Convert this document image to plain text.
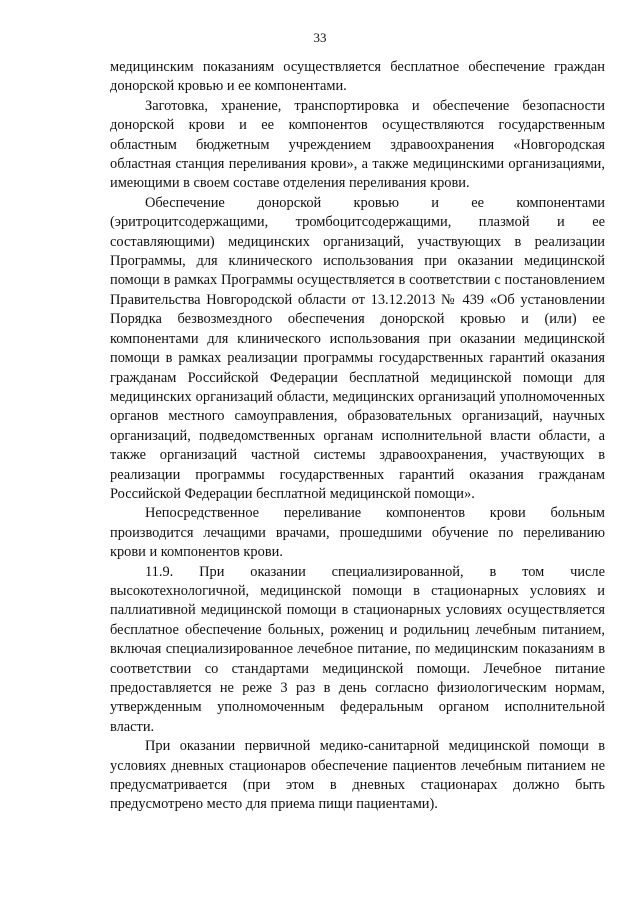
33

медицинским показаниям осуществляется бесплатное обеспечение граждан донорской кровью и ее компонентами.

Заготовка, хранение, транспортировка и обеспечение безопасности донорской крови и ее компонентов осуществляются государственным областным бюджетным учреждением здравоохранения «Новгородская областная станция переливания крови», а также медицинскими организациями, имеющими в своем составе отделения переливания крови.

Обеспечение донорской кровью и ее компонентами (эритроцитсодержащими, тромбоцитсодержащими, плазмой и ее составляющими) медицинских организаций, участвующих в реализации Программы, для клинического использования при оказании медицинской помощи в рамках Программы осуществляется в соответствии с постановлением Правительства Новгородской области от 13.12.2013 № 439 «Об установлении Порядка безвозмездного обеспечения донорской кровью и (или) ее компонентами для клинического использования при оказании медицинской помощи в рамках реализации программы государственных гарантий оказания гражданам Российской Федерации бесплатной медицинской помощи для медицинских организаций области, медицинских организаций уполномоченных органов местного самоуправления, образовательных организаций, научных организаций, подведомственных органам исполнительной власти области, а также организаций частной системы здравоохранения, участвующих в реализации программы государственных гарантий оказания гражданам Российской Федерации бесплатной медицинской помощи».

Непосредственное переливание компонентов крови больным производится лечащими врачами, прошедшими обучение по переливанию крови и компонентов крови.

11.9. При оказании специализированной, в том числе высокотехнологичной, медицинской помощи в стационарных условиях и паллиативной медицинской помощи в стационарных условиях осуществляется бесплатное обеспечение больных, рожениц и родильниц лечебным питанием, включая специализированное лечебное питание, по медицинским показаниям в соответствии со стандартами медицинской помощи. Лечебное питание предоставляется не реже 3 раз в день согласно физиологическим нормам, утвержденным уполномоченным федеральным органом исполнительной власти.

При оказании первичной медико-санитарной медицинской помощи в условиях дневных стационаров обеспечение пациентов лечебным питанием не предусматривается (при этом в дневных стационарах должно быть предусмотрено место для приема пищи пациентами).
